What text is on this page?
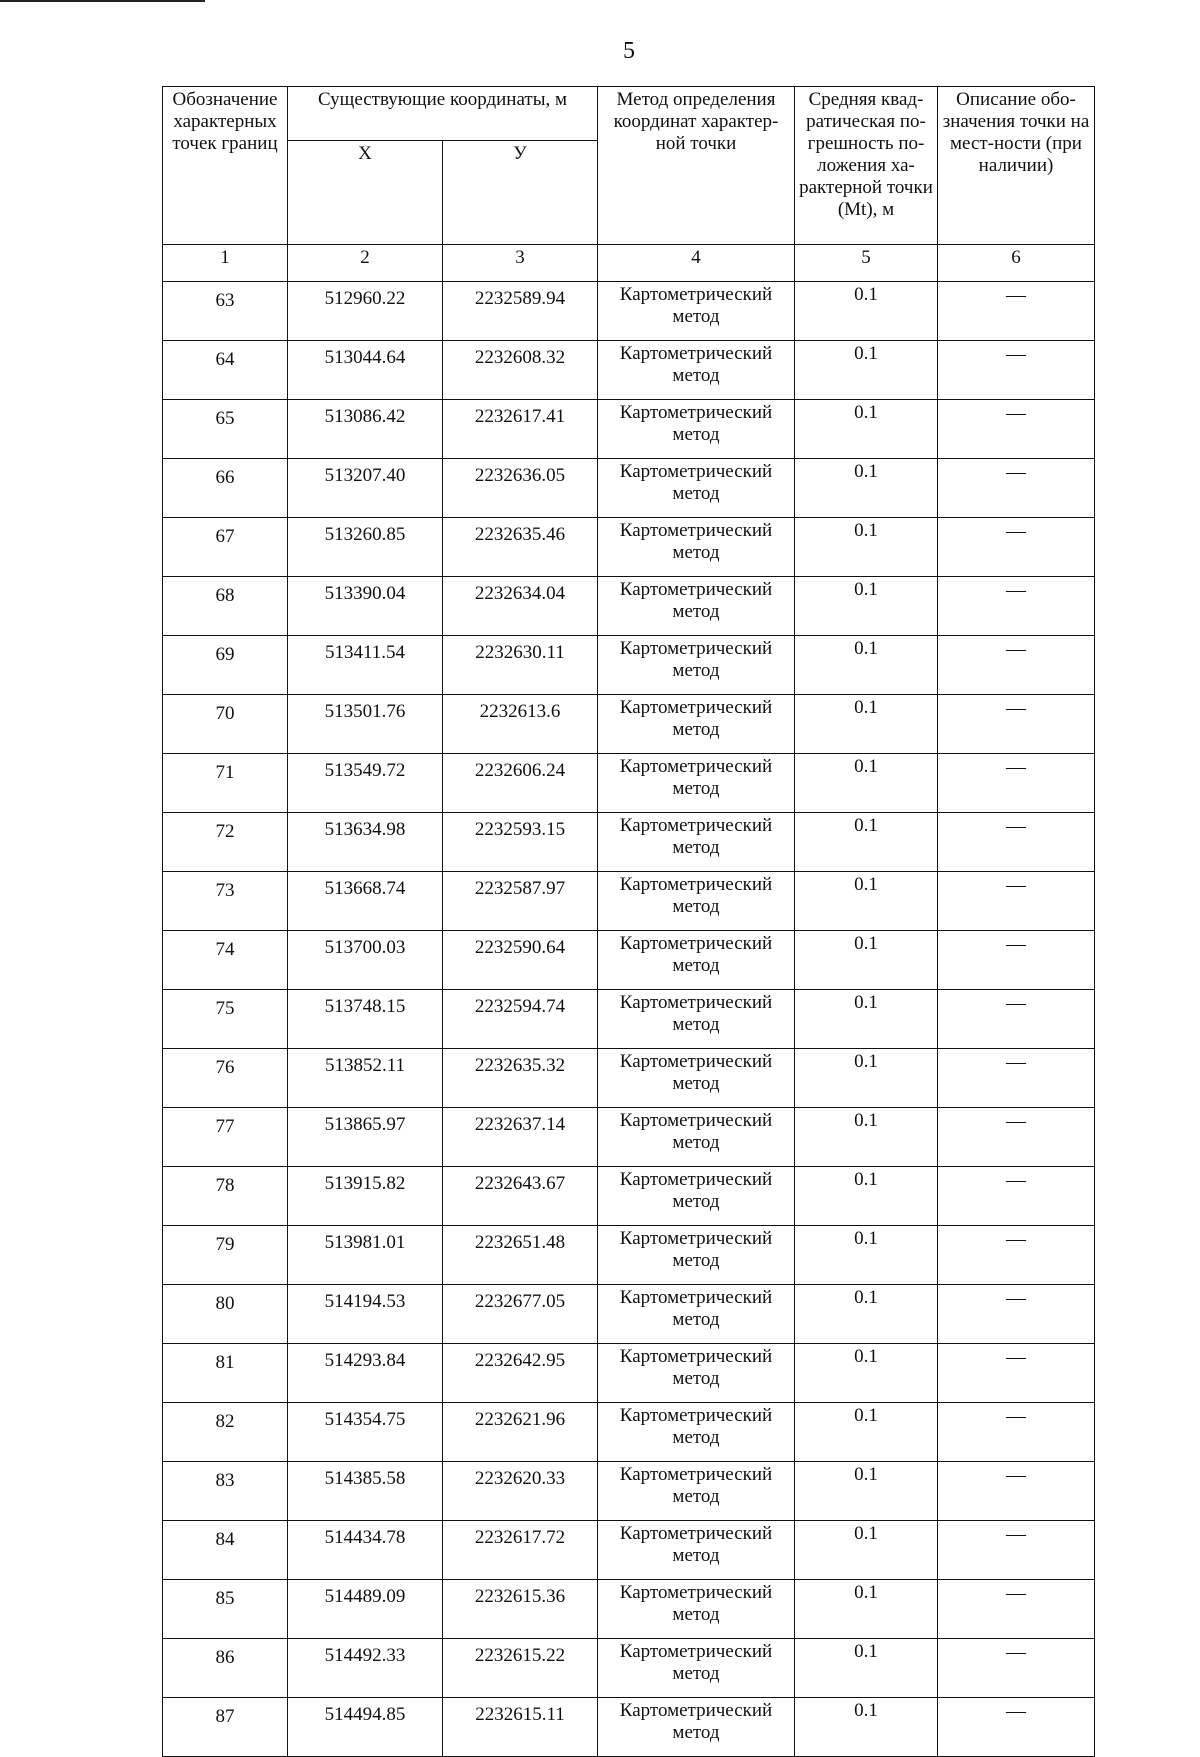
5
Обозначение характерных точек границ	Существующие координаты, м		Метод определения координат характер-ной точки	Средняя квад-ратическая по-грешность по-ложения ха-рактерной точки (Mt), м	Описание обо-значения точки на мест-ности (при наличии)
	X	У			
1	2	3	4	5	6
63	512960.22	2232589.94	Картометрический метод	0.1	—
64	513044.64	2232608.32	Картометрический метод	0.1	—
65	513086.42	2232617.41	Картометрический метод	0.1	—
66	513207.40	2232636.05	Картометрический метод	0.1	—
67	513260.85	2232635.46	Картометрический метод	0.1	—
68	513390.04	2232634.04	Картометрический метод	0.1	—
69	513411.54	2232630.11	Картометрический метод	0.1	—
70	513501.76	2232613.6	Картометрический метод	0.1	—
71	513549.72	2232606.24	Картометрический метод	0.1	—
72	513634.98	2232593.15	Картометрический метод	0.1	—
73	513668.74	2232587.97	Картометрический метод	0.1	—
74	513700.03	2232590.64	Картометрический метод	0.1	—
75	513748.15	2232594.74	Картометрический метод	0.1	—
76	513852.11	2232635.32	Картометрический метод	0.1	—
77	513865.97	2232637.14	Картометрический метод	0.1	—
78	513915.82	2232643.67	Картометрический метод	0.1	—
79	513981.01	2232651.48	Картометрический метод	0.1	—
80	514194.53	2232677.05	Картометрический метод	0.1	—
81	514293.84	2232642.95	Картометрический метод	0.1	—
82	514354.75	2232621.96	Картометрический метод	0.1	—
83	514385.58	2232620.33	Картометрический метод	0.1	—
84	514434.78	2232617.72	Картометрический метод	0.1	—
85	514489.09	2232615.36	Картометрический метод	0.1	—
86	514492.33	2232615.22	Картометрический метод	0.1	—
87	514494.85	2232615.11	Картометрический метод	0.1	—
